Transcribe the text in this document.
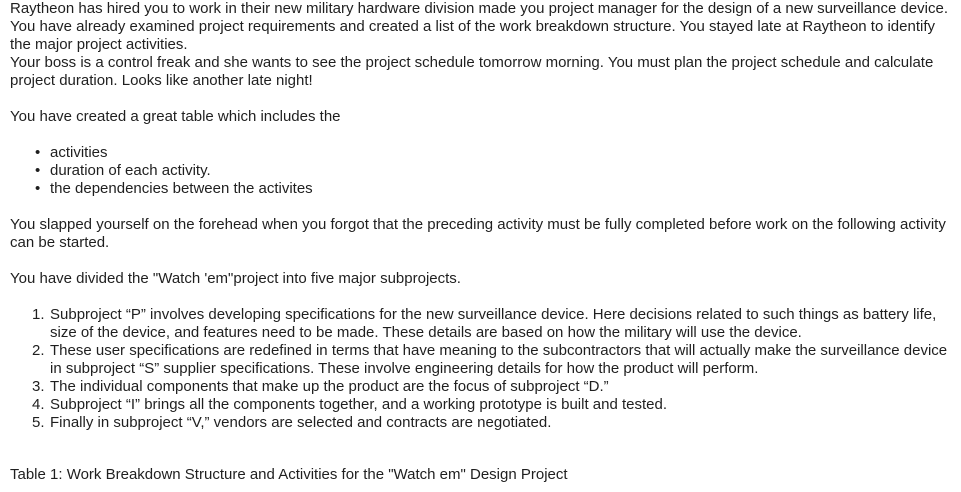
Raytheon has hired you to work in their new military hardware division made you project manager for the design of a new surveillance device. You have already examined project requirements and created a list of the work breakdown structure. You stayed late at Raytheon to identify the major project activities.

Your boss is a control freak and she wants to see the project schedule tomorrow morning. You must plan the project schedule and calculate project duration. Looks like another late night!

You have created a great table which includes the

• activities
• duration of each activity.
• the dependencies between the activites

You slapped yourself on the forehead when you forgot that the preceding activity must be fully completed before work on the following activity can be started.

You have divided the "Watch 'em"project into five major subprojects.

1. Subproject “P” involves developing specifications for the new surveillance device. Here decisions related to such things as battery life, size of the device, and features need to be made. These details are based on how the military will use the device.
2. These user specifications are redefined in terms that have meaning to the subcontractors that will actually make the surveillance device in subproject “S” supplier specifications. These involve engineering details for how the product will perform.
3. The individual components that make up the product are the focus of subproject “D.”
4. Subproject “I” brings all the components together, and a working prototype is built and tested.
5. Finally in subproject “V,” vendors are selected and contracts are negotiated.

Table 1: Work Breakdown Structure and Activities for the "Watch em" Design Project
